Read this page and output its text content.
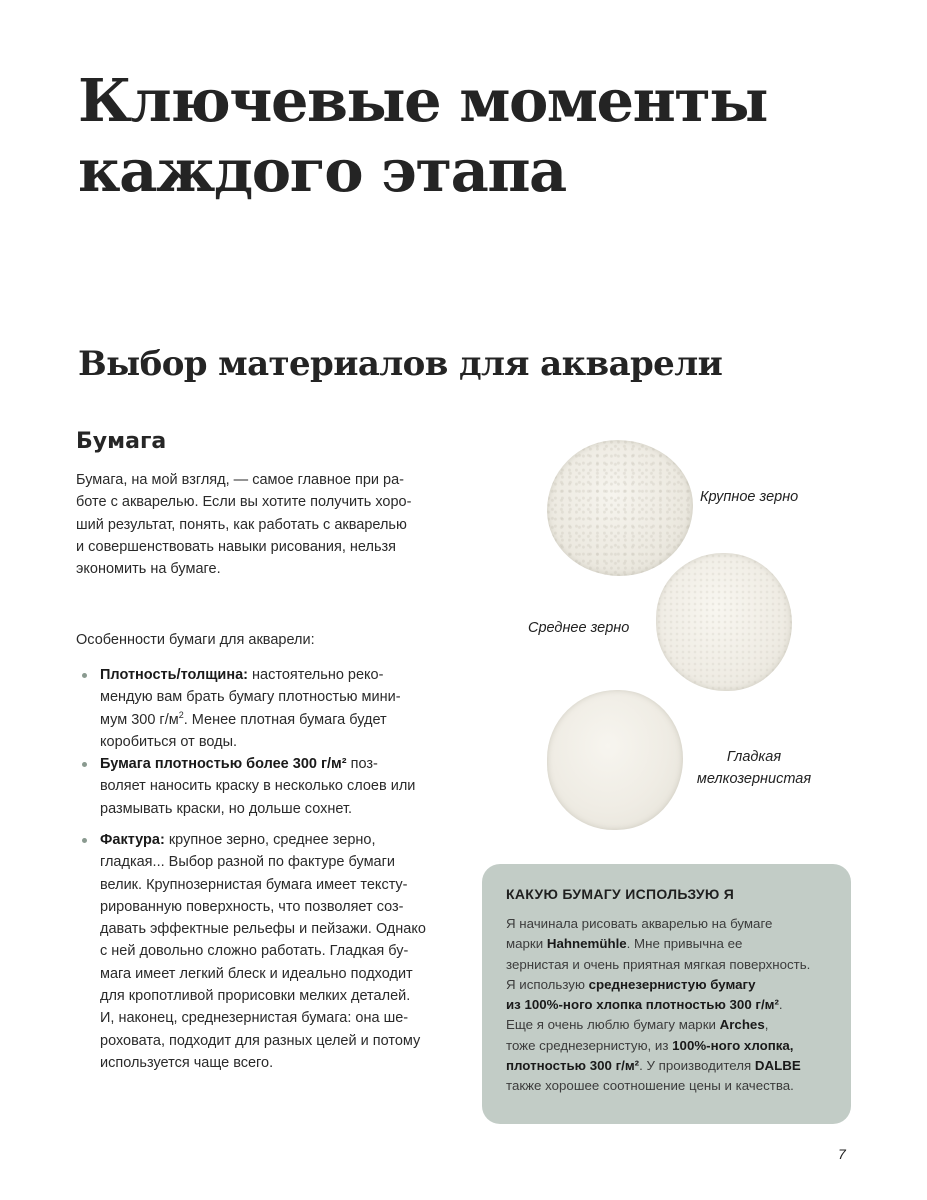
Ключевые моменты
каждого этапа
Выбор материалов для акварели
Бумага

Бумага, на мой взгляд, — самое главное при ра-
боте с акварелью. Если вы хотите получить хоро-
ший результат, понять, как работать с акварелью
и совершенствовать навыки рисования, нельзя
экономить на бумаге.

Особенности бумаги для акварели:

Плотность/толщина: настоятельно реко-
мендую вам брать бумагу плотностью мини-
мум 300 $г/м^2$. Менее плотная бумага будет
коробиться от воды.
Бумага плотностью более 300 г/м² поз-
воляет наносить краску в несколько слоев или
размывать краски, но дольше сохнет.
Фактура: крупное зерно, среднее зерно,
гладкая... Выбор разной по фактуре бумаги
велик. Крупнозернистая бумага имеет текстy-
рированную поверхность, что позволяет соз-
давать эффектные рельефы и пейзажи. Однако
с ней довольно сложно работать. Гладкая бу-
мага имеет легкий блеск и идеально подходит
для кропотливой прорисовки мелких деталей.
И, наконец, среднезернистая бумага: она ше-
роховата, подходит для разных целей и потому
используется чаще всего.
Крупное зерно
Среднее зерно
Гладкая
мелкозернистая

КАКУЮ БУМАГУ ИСПОЛЬЗУЮ Я

Я начинала рисовать акварелью на бумаге
марки Hahnemühle. Мне привычна ее
зернистая и очень приятная мягкая поверхность.
Я использую среднезернистую бумагу
из 100%-ного хлопка плотностью 300 г/м².
Еще я очень люблю бумагу марки Arches,
тоже среднезернистую, из 100%-ного хлопка,
плотностью 300 г/м². У производителя DALBE
также хорошее соотношение цены и качества.

7
